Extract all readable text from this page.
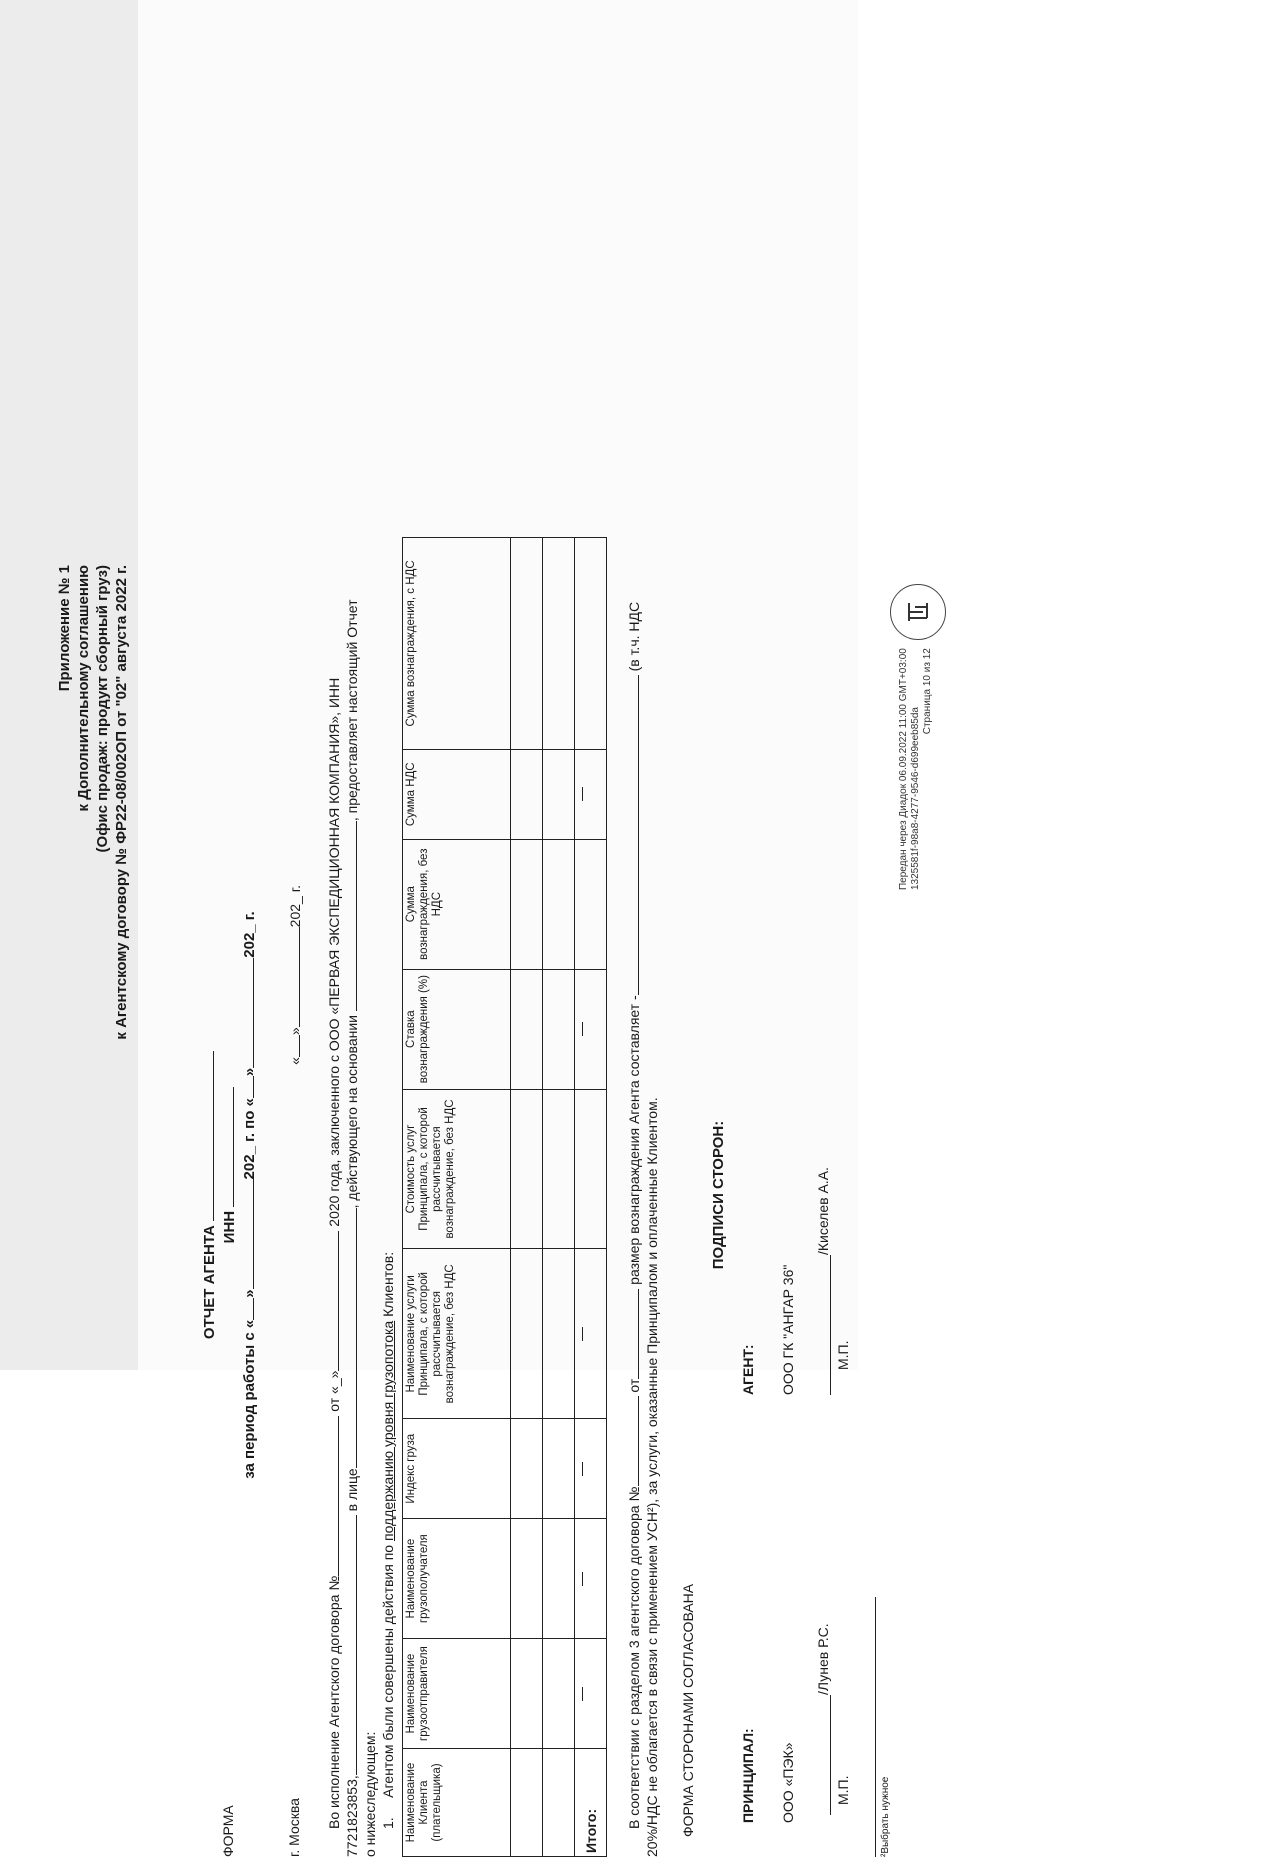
Приложение № 1 к Дополнительному соглашению (Офис продаж: продукт сборный груз) к Агентскому договору № ФР22-08/002ОП от "02" августа 2022 г.
ФОРМА
ОТЧЕТ АГЕНТА ИНН
за период работы с «»202_ г. по «»202_ г.
г. Москва
«»202_ г.
Во исполнение Агентского договора № от «_» 2020 года, заключенного с ООО «ПЕРВАЯ ЭКСПЕДИЦИОННАЯ КОМПАНИЯ», ИНН
7721823853, в лице, действующего на основании , предоставляет настоящий Отчет
о нижеследующем: 1.     Агентом были совершены действия по поддержанию уровня грузопотока Клиентов:
Наименование Клиента (плательщика)	Наименование грузоотправителя	Наименование грузополучателя	Индекс груза	Наименование услуги Принципала, с которой рассчитывается вознаграждение, без НДС	Стоимость услуг Принципала, с которой рассчитывается вознаграждение, без НДС	Ставка вознаграждения (%)	Сумма вознаграждения, без НДС	Сумма НДС	Сумма вознаграждения, с НДС

Итого:									
В соответствии с разделом 3 агентского договора № от размер вознаграждения Агента составляет - (в т.ч. НДС
20%/НДС не облагается в связи с применением УСН²), за услуги, оказанные Принципалом и оплаченные Клиентом. ФОРМА СТОРОНАМИ СОГЛАСОВАНА
ПОДПИСИ СТОРОН:
ПРИНЦИПАЛ:
АГЕНТ:
ООО «ПЭК»
ООО ГК "АНГАР 36"
/Лунев Р.С.
/Киселев А.А.
М.П.
М.П.
²Выбрать нужное
Передан через Диадок 06.09.2022 11:00 GMT+03:00 1325581f-98a8-4277-9546-d699eeb85da
Страница 10 из 12
